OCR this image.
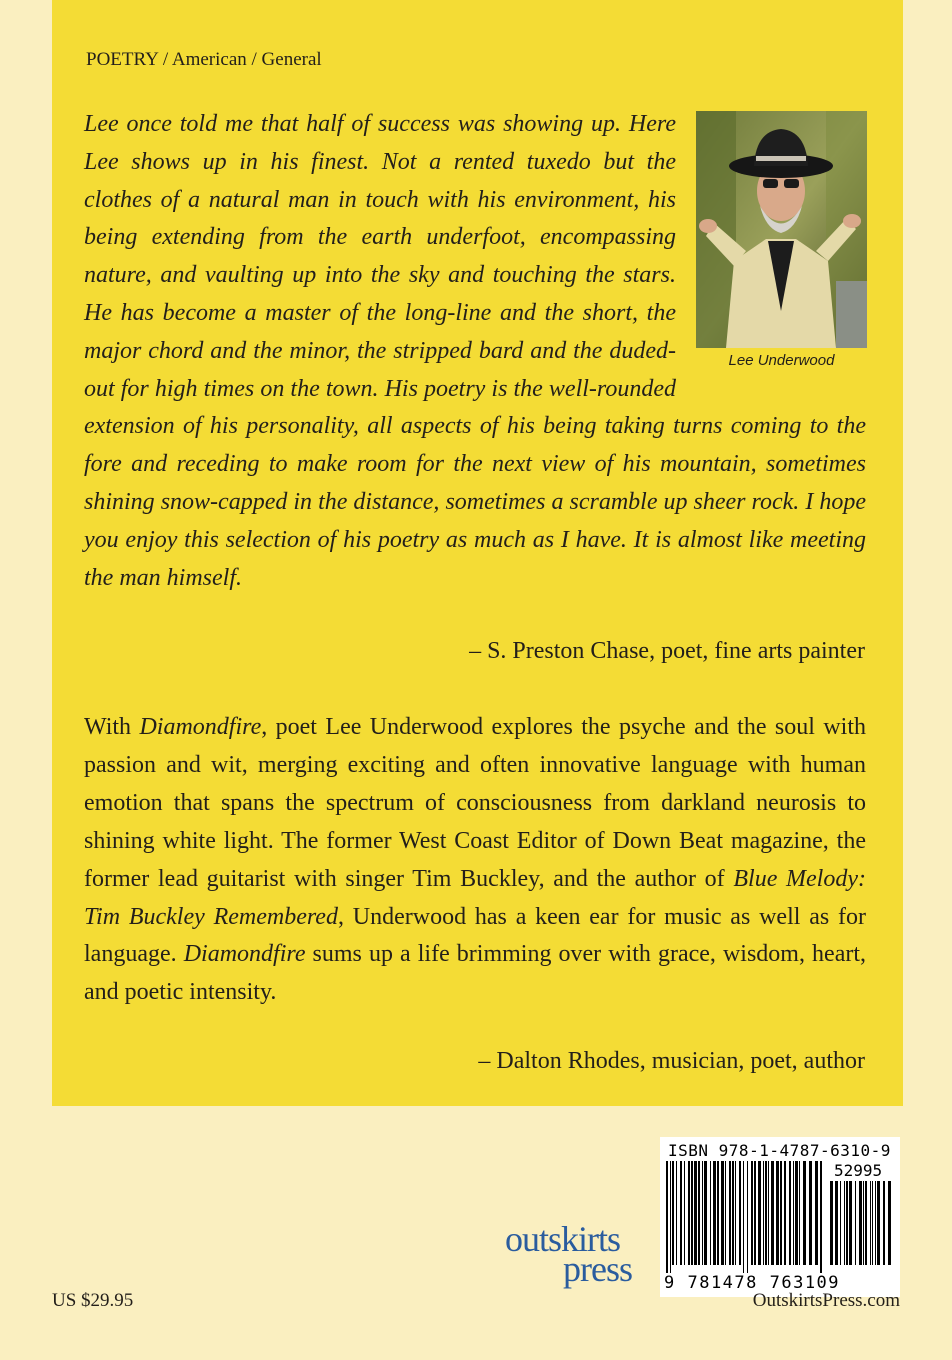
POETRY / American / General
Lee Underwood
Lee once told me that half of success was showing up. Here Lee shows up in his finest. Not a rented tuxedo but the clothes of a natural man in touch with his environment, his being extending from the earth underfoot, encompassing nature, and vaulting up into the sky and touching the stars. He has become a master of the long-line and the short, the major chord and the minor, the stripped bard and the duded-out for high times on the town. His poetry is the well-rounded extension of his personality, all aspects of his being taking turns coming to the fore and receding to make room for the next view of his mountain, sometimes shining snow-capped in the distance, sometimes a scramble up sheer rock. I hope you enjoy this selection of his poetry as much as I have. It is almost like meeting the man himself.
– S. Preston Chase, poet, fine arts painter
With Diamondfire, poet Lee Underwood explores the psyche and the soul with passion and wit, merging exciting and often innovative language with human emotion that spans the spectrum of consciousness from darkland neurosis to shining white light. The former West Coast Editor of Down Beat magazine, the former lead guitarist with singer Tim Buckley, and the author of Blue Melody: Tim Buckley Remembered, Underwood has a keen ear for music as well as for language. Diamondfire sums up a life brimming over with grace, wisdom, heart, and poetic intensity.
– Dalton Rhodes, musician, poet, author
ISBN 978-1-4787-6310-9
52995
9 781478 763109
outskirts
press
US $29.95	OutskirtsPress.com
